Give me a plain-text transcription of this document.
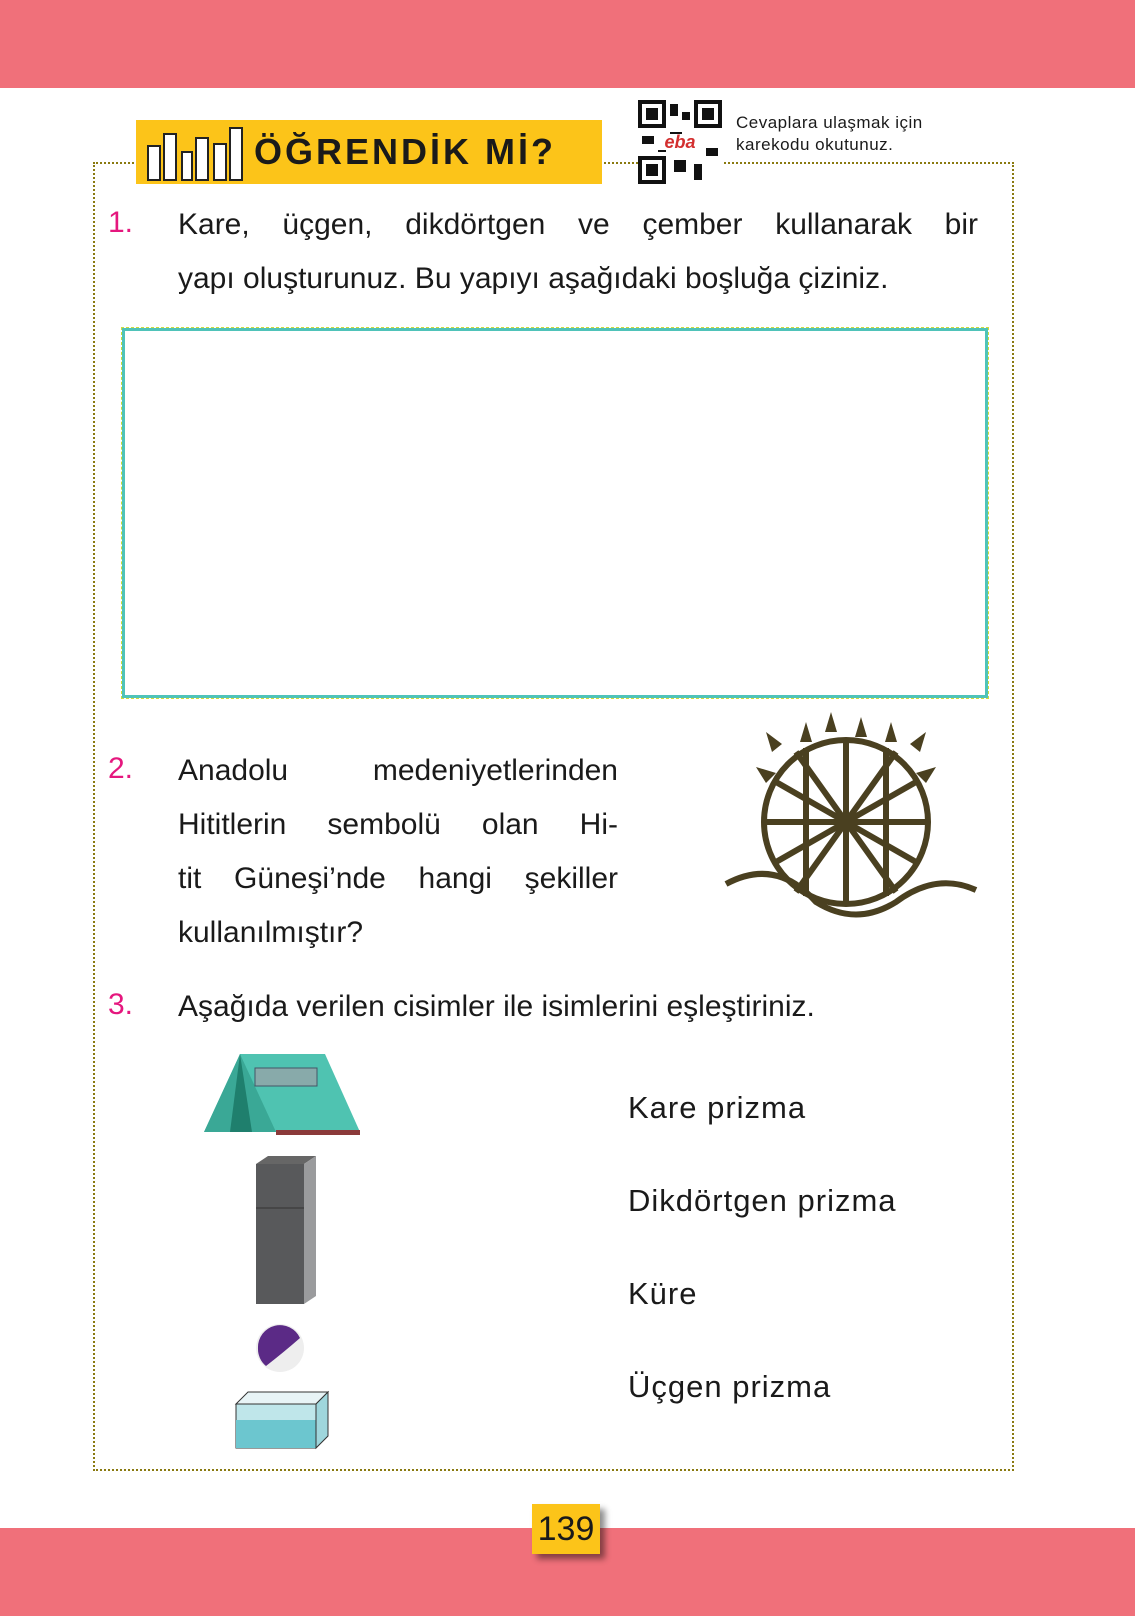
ÖĞRENDİK Mİ?	eba
Cevaplara ulaşmak için karekodu okutunuz.
1. Kare, üçgen, dikdörtgen ve çember kullanarak bir
yapı oluşturunuz. Bu yapıyı aşağıdaki boşluğa çiziniz.
2. Anadolu medeniyetlerinden
Hititlerin sembolü olan Hi-
tit Güneşi’nde hangi şekiller
kullanılmıştır?
3. Aşağıda verilen cisimler ile isimlerini eşleştiriniz.
Kare prizma
Dikdörtgen prizma
Küre
Üçgen prizma
139
